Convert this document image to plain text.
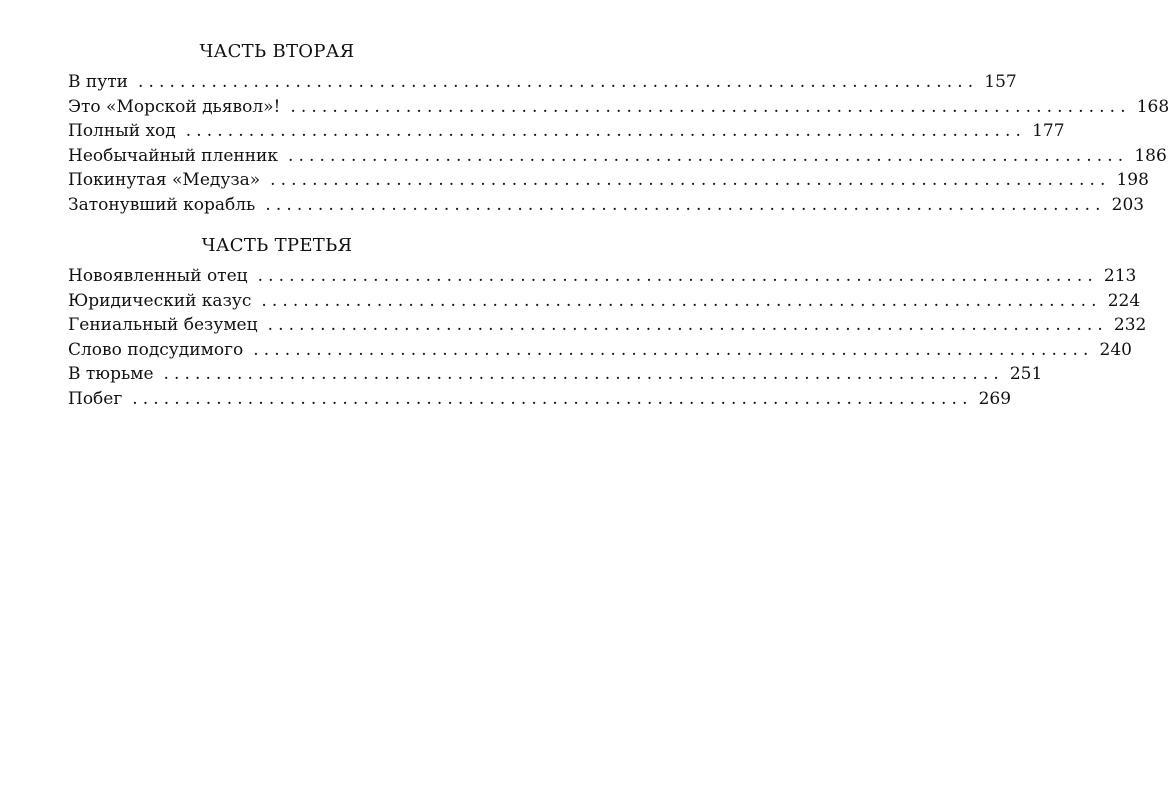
ЧАСТЬ ВТОРАЯ
В пути ................................................................................ 157
Это «Морской дьявол»! ................................................................................ 168
Полный ход ................................................................................ 177
Необычайный пленник ................................................................................ 186
Покинутая «Медуза» ................................................................................ 198
Затонувший корабль ................................................................................ 203
ЧАСТЬ ТРЕТЬЯ
Новоявленный отец ................................................................................ 213
Юридический казус ................................................................................ 224
Гениальный безумец ................................................................................ 232
Слово подсудимого ................................................................................ 240
В тюрьме ................................................................................ 251
Побег ................................................................................ 269
